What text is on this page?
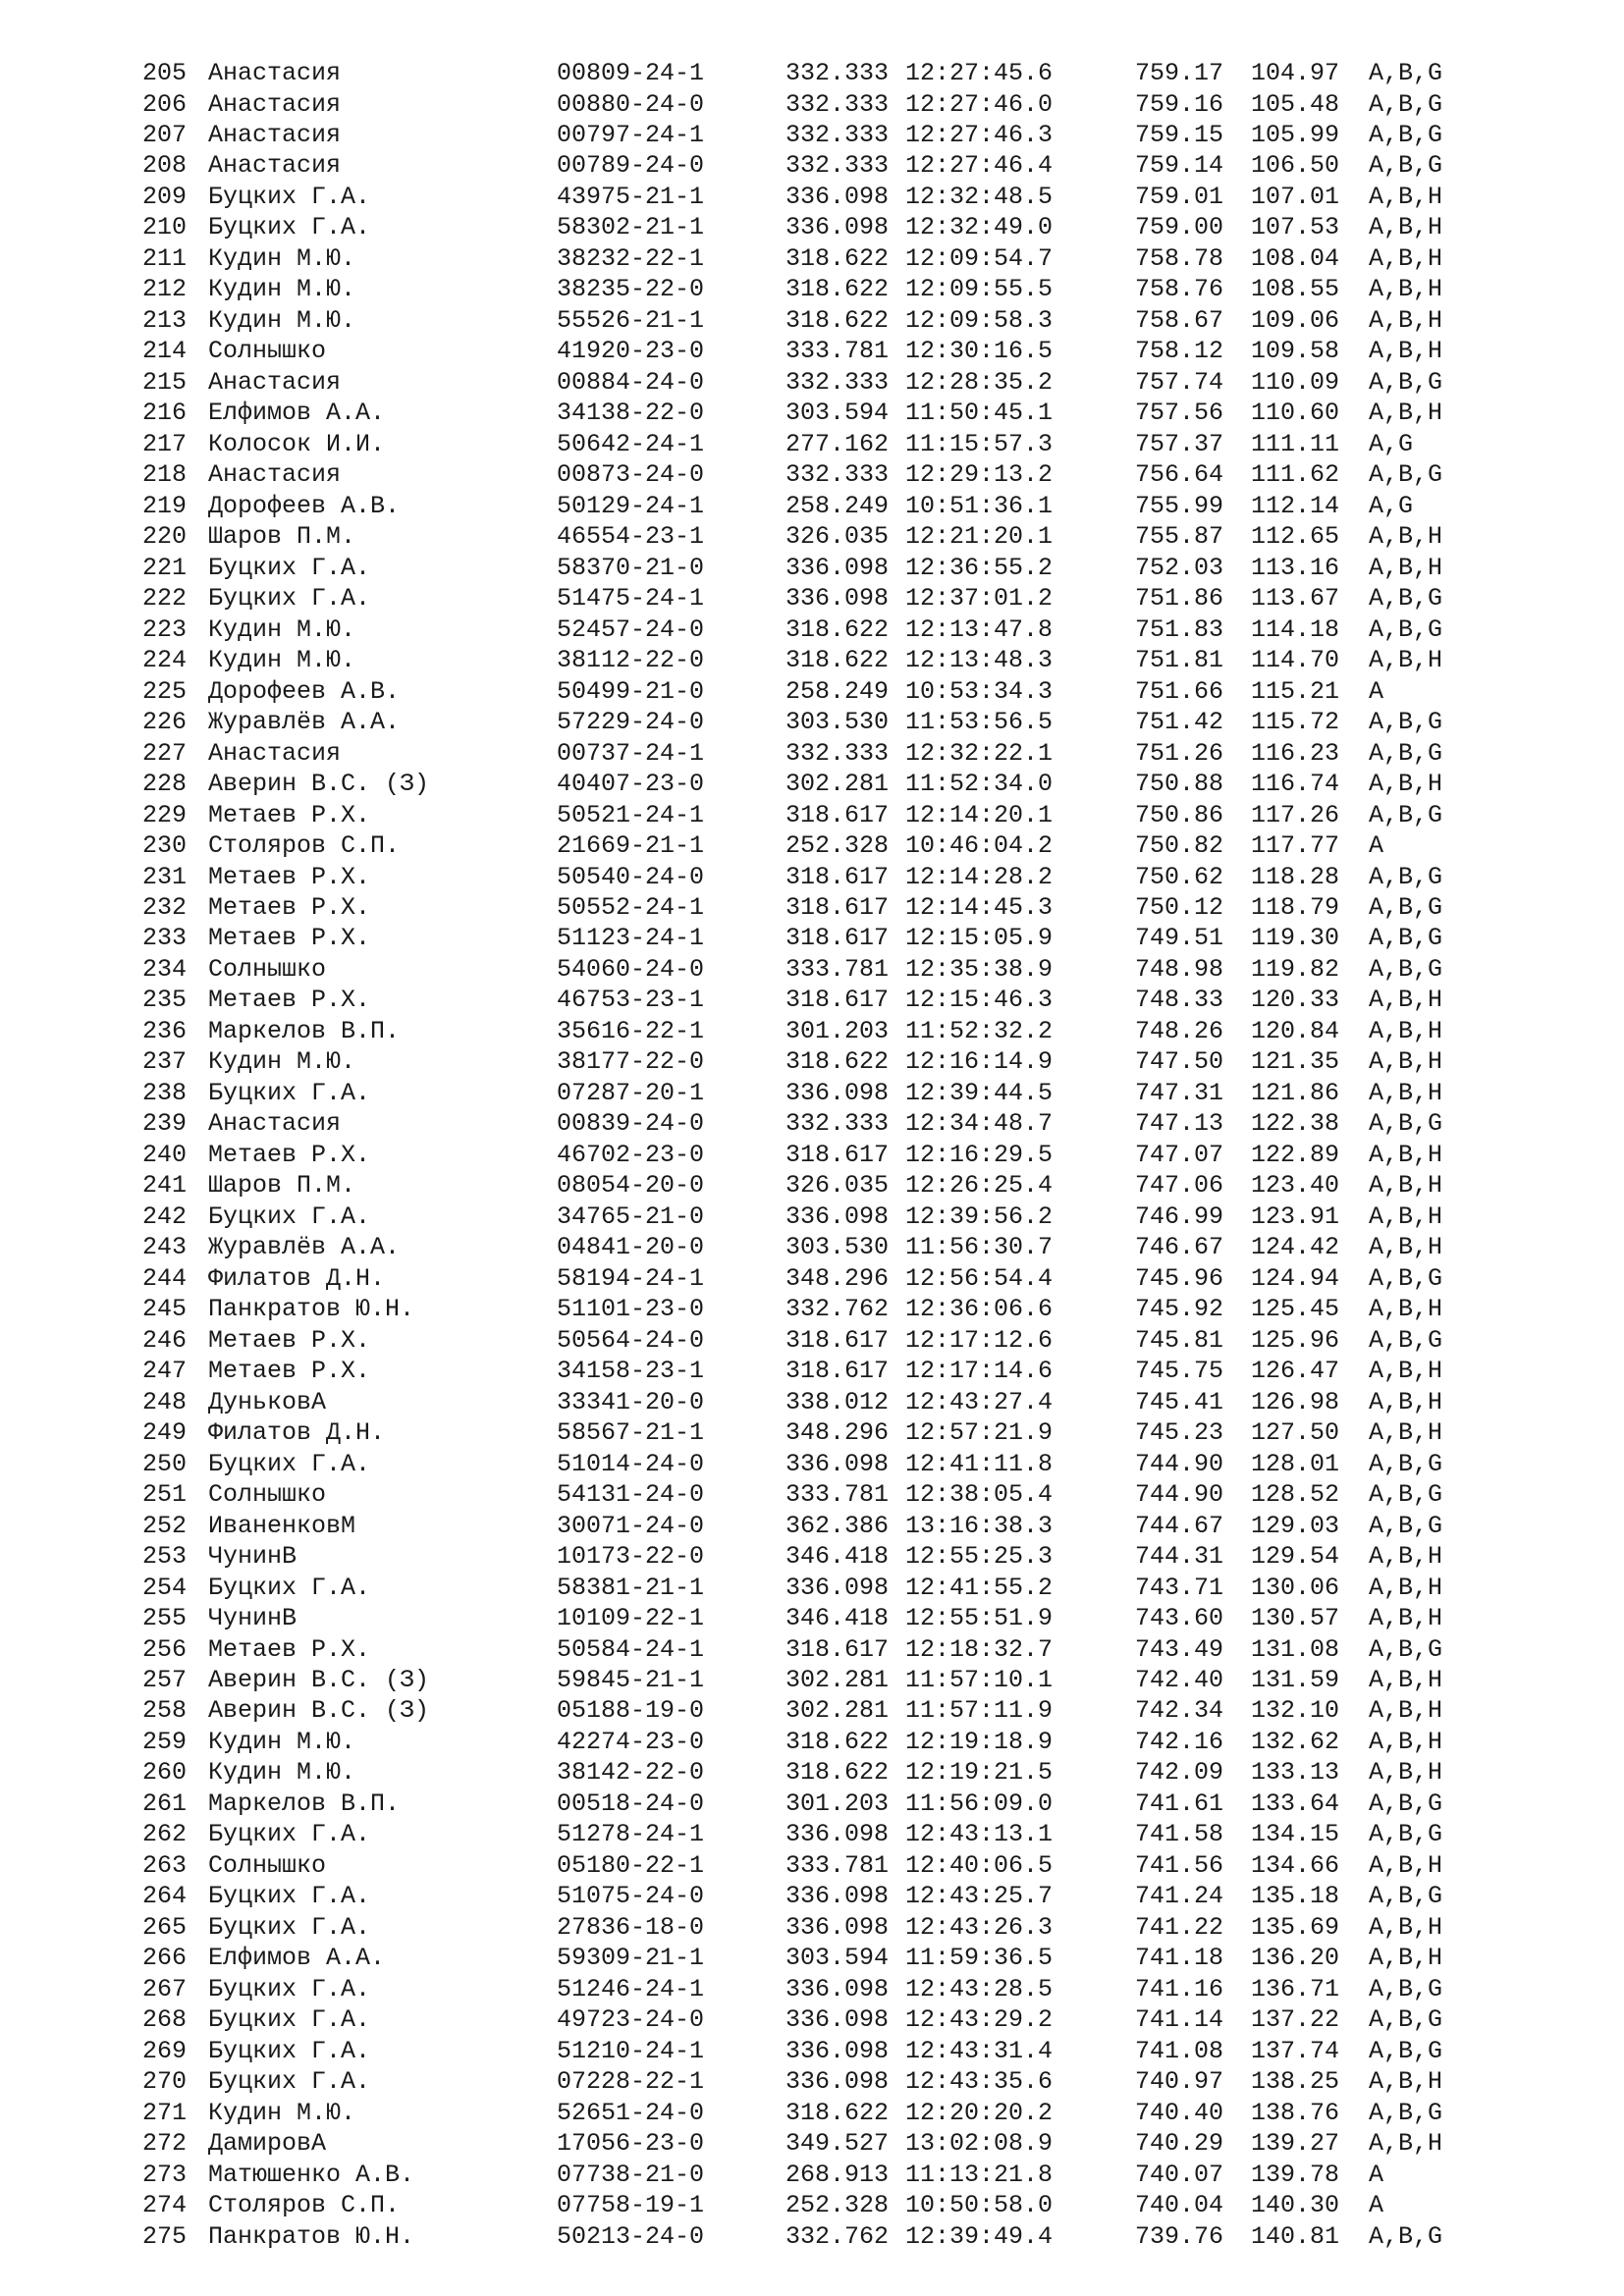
205 Анастасия	00809-24-1	332.333 12:27:45.6	759.17 104.97 A,B,G
206 Анастасия	00880-24-0	332.333 12:27:46.0	759.16 105.48 A,B,G
207 Анастасия	00797-24-1	332.333 12:27:46.3	759.15 105.99 A,B,G
208 Анастасия	00789-24-0	332.333 12:27:46.4	759.14 106.50 A,B,G
209 Буцких Г.А.	43975-21-1	336.098 12:32:48.5	759.01 107.01 A,B,H
210 Буцких Г.А.	58302-21-1	336.098 12:32:49.0	759.00 107.53 A,B,H
211 Кудин М.Ю.	38232-22-1	318.622 12:09:54.7	758.78 108.04 A,B,H
212 Кудин М.Ю.	38235-22-0	318.622 12:09:55.5	758.76 108.55 A,B,H
213 Кудин М.Ю.	55526-21-1	318.622 12:09:58.3	758.67 109.06 A,B,H
214 Солнышко	41920-23-0	333.781 12:30:16.5	758.12 109.58 A,B,H
215 Анастасия	00884-24-0	332.333 12:28:35.2	757.74 110.09 A,B,G
216 Елфимов А.А.	34138-22-0	303.594 11:50:45.1	757.56 110.60 A,B,H
217 Колосок И.И.	50642-24-1	277.162 11:15:57.3	757.37 111.11 A,G
218 Анастасия	00873-24-0	332.333 12:29:13.2	756.64 111.62 A,B,G
219 Дорофеев А.В.	50129-24-1	258.249 10:51:36.1	755.99 112.14 A,G
220 Шаров П.М.	46554-23-1	326.035 12:21:20.1	755.87 112.65 A,B,H
221 Буцких Г.А.	58370-21-0	336.098 12:36:55.2	752.03 113.16 A,B,H
222 Буцких Г.А.	51475-24-1	336.098 12:37:01.2	751.86 113.67 A,B,G
223 Кудин М.Ю.	52457-24-0	318.622 12:13:47.8	751.83 114.18 A,B,G
224 Кудин М.Ю.	38112-22-0	318.622 12:13:48.3	751.81 114.70 A,B,H
225 Дорофеев А.В.	50499-21-0	258.249 10:53:34.3	751.66 115.21 A
226 Журавлёв А.А.	57229-24-0	303.530 11:53:56.5	751.42 115.72 A,B,G
227 Анастасия	00737-24-1	332.333 12:32:22.1	751.26 116.23 A,B,G
228 Аверин В.С. (З)	40407-23-0	302.281 11:52:34.0	750.88 116.74 A,B,H
229 Метаев Р.Х.	50521-24-1	318.617 12:14:20.1	750.86 117.26 A,B,G
230 Столяров С.П.	21669-21-1	252.328 10:46:04.2	750.82 117.77 A
231 Метаев Р.Х.	50540-24-0	318.617 12:14:28.2	750.62 118.28 A,B,G
232 Метаев Р.Х.	50552-24-1	318.617 12:14:45.3	750.12 118.79 A,B,G
233 Метаев Р.Х.	51123-24-1	318.617 12:15:05.9	749.51 119.30 A,B,G
234 Солнышко	54060-24-0	333.781 12:35:38.9	748.98 119.82 A,B,G
235 Метаев Р.Х.	46753-23-1	318.617 12:15:46.3	748.33 120.33 A,B,H
236 Маркелов В.П.	35616-22-1	301.203 11:52:32.2	748.26 120.84 A,B,H
237 Кудин М.Ю.	38177-22-0	318.622 12:16:14.9	747.50 121.35 A,B,H
238 Буцких Г.А.	07287-20-1	336.098 12:39:44.5	747.31 121.86 A,B,H
239 Анастасия	00839-24-0	332.333 12:34:48.7	747.13 122.38 A,B,G
240 Метаев Р.Х.	46702-23-0	318.617 12:16:29.5	747.07 122.89 A,B,H
241 Шаров П.М.	08054-20-0	326.035 12:26:25.4	747.06 123.40 A,B,H
242 Буцких Г.А.	34765-21-0	336.098 12:39:56.2	746.99 123.91 A,B,H
243 Журавлёв А.А.	04841-20-0	303.530 11:56:30.7	746.67 124.42 A,B,H
244 Филатов Д.Н.	58194-24-1	348.296 12:56:54.4	745.96 124.94 A,B,G
245 Панкратов Ю.Н.	51101-23-0	332.762 12:36:06.6	745.92 125.45 A,B,H
246 Метаев Р.Х.	50564-24-0	318.617 12:17:12.6	745.81 125.96 A,B,G
247 Метаев Р.Х.	34158-23-1	318.617 12:17:14.6	745.75 126.47 A,B,H
248 ДуньковА	33341-20-0	338.012 12:43:27.4	745.41 126.98 A,B,H
249 Филатов Д.Н.	58567-21-1	348.296 12:57:21.9	745.23 127.50 A,B,H
250 Буцких Г.А.	51014-24-0	336.098 12:41:11.8	744.90 128.01 A,B,G
251 Солнышко	54131-24-0	333.781 12:38:05.4	744.90 128.52 A,B,G
252 ИваненковМ	30071-24-0	362.386 13:16:38.3	744.67 129.03 A,B,G
253 ЧунинВ	10173-22-0	346.418 12:55:25.3	744.31 129.54 A,B,H
254 Буцких Г.А.	58381-21-1	336.098 12:41:55.2	743.71 130.06 A,B,H
255 ЧунинВ	10109-22-1	346.418 12:55:51.9	743.60 130.57 A,B,H
256 Метаев Р.Х.	50584-24-1	318.617 12:18:32.7	743.49 131.08 A,B,G
257 Аверин В.С. (З)	59845-21-1	302.281 11:57:10.1	742.40 131.59 A,B,H
258 Аверин В.С. (З)	05188-19-0	302.281 11:57:11.9	742.34 132.10 A,B,H
259 Кудин М.Ю.	42274-23-0	318.622 12:19:18.9	742.16 132.62 A,B,H
260 Кудин М.Ю.	38142-22-0	318.622 12:19:21.5	742.09 133.13 A,B,H
261 Маркелов В.П.	00518-24-0	301.203 11:56:09.0	741.61 133.64 A,B,G
262 Буцких Г.А.	51278-24-1	336.098 12:43:13.1	741.58 134.15 A,B,G
263 Солнышко	05180-22-1	333.781 12:40:06.5	741.56 134.66 A,B,H
264 Буцких Г.А.	51075-24-0	336.098 12:43:25.7	741.24 135.18 A,B,G
265 Буцких Г.А.	27836-18-0	336.098 12:43:26.3	741.22 135.69 A,B,H
266 Елфимов А.А.	59309-21-1	303.594 11:59:36.5	741.18 136.20 A,B,H
267 Буцких Г.А.	51246-24-1	336.098 12:43:28.5	741.16 136.71 A,B,G
268 Буцких Г.А.	49723-24-0	336.098 12:43:29.2	741.14 137.22 A,B,G
269 Буцких Г.А.	51210-24-1	336.098 12:43:31.4	741.08 137.74 A,B,G
270 Буцких Г.А.	07228-22-1	336.098 12:43:35.6	740.97 138.25 A,B,H
271 Кудин М.Ю.	52651-24-0	318.622 12:20:20.2	740.40 138.76 A,B,G
272 ДамировА	17056-23-0	349.527 13:02:08.9	740.29 139.27 A,B,H
273 Матюшенко А.В.	07738-21-0	268.913 11:13:21.8	740.07 139.78 A
274 Столяров С.П.	07758-19-1	252.328 10:50:58.0	740.04 140.30 A
275 Панкратов Ю.Н.	50213-24-0	332.762 12:39:49.4	739.76 140.81 A,B,G
